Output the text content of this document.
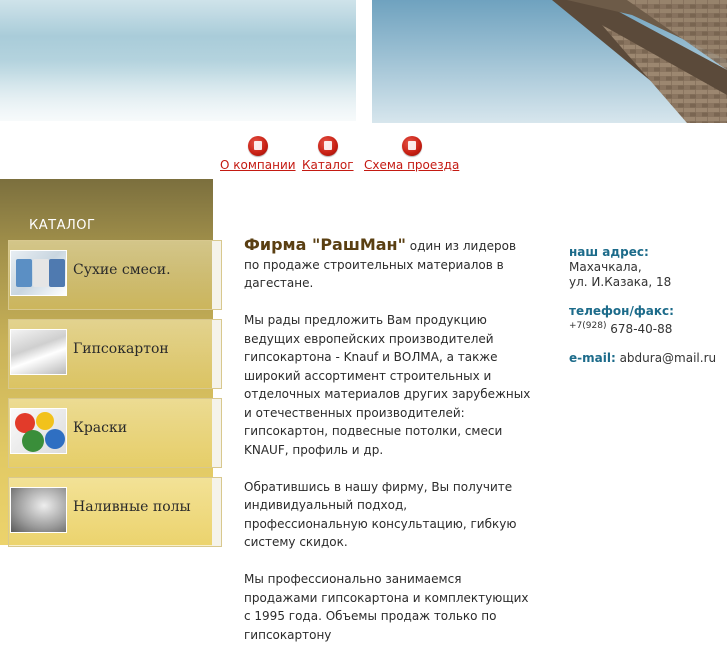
О компании Каталог Схема проезда
КАТАЛОГ
Сухие смеси.
Гипсокартон
Краски
Наливные полы

Фирма "РашМан" один из лидеров по продаже строительных материалов в дагестане.

Мы рады предложить Вам продукцию ведущих европейских производителей гипсокартона - Knauf и ВОЛМА, а также широкий ассортимент строительных и отделочных материалов других зарубежных и отечественных производителей: гипсокартон, подвесные потолки, смеси KNAUF, профиль и др.

Обратившись в нашу фирму, Вы получите индивидуальный подход, профессиональную консультацию, гибкую систему скидок.

Мы профессионально занимаемся продажами гипсокартона и комплектующих с 1995 года. Объемы продаж только по гипсокартону

наш адрес:
Махачкала,
ул. И.Казака, 18
телефон/факс:
$^{+7(928)}$ 678-40-88
e-mail: abdura@mail.ru
